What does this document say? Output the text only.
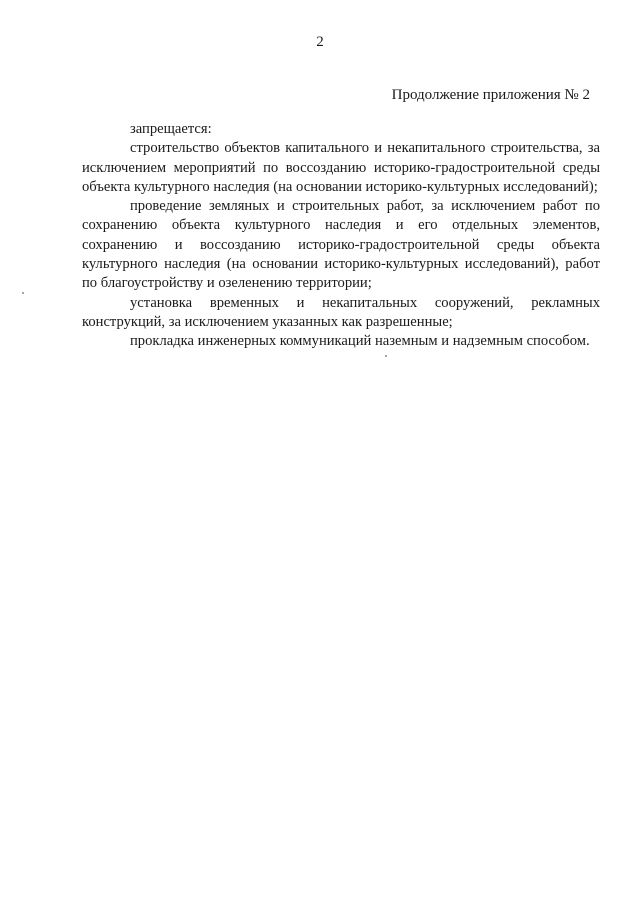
2
Продолжение приложения № 2

запрещается:

строительство объектов капитального и некапитального строительства, за исключением мероприятий по воссозданию историко-градостроительной среды объекта культурного наследия (на основании историко-культурных исследований);

проведение земляных и строительных работ, за исключением работ по сохранению объекта культурного наследия и его отдельных элементов, сохранению и воссозданию историко-градостроительной среды объекта культурного наследия (на основании историко-культурных исследований), работ по благоустройству и озеленению территории;

установка временных и некапитальных сооружений, рекламных конструкций, за исключением указанных как разрешенные;

прокладка инженерных коммуникаций наземным и надземным способом.
